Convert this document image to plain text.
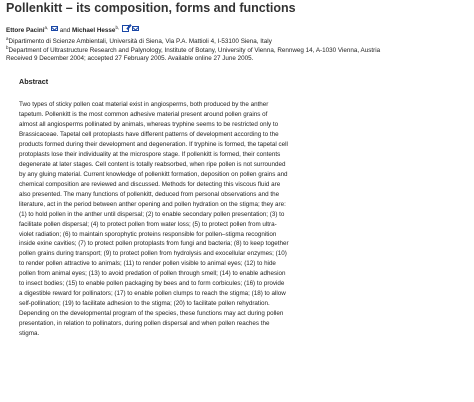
Pollenkitt – its composition, forms and functions
Ettore Pacini$^{a,}$  and Michael Hesse$^{b,}$
$^a$Dipartimento di Scienze Ambientali, Università di Siena, Via P.A. Mattioli 4, I-53100 Siena, Italy
$^b$Department of Ultrastructure Research and Palynology, Institute of Botany, University of Vienna, Rennweg 14, A-1030 Vienna, Austria
Received 9 December 2004; accepted 27 February 2005. Available online 27 June 2005.
Abstract
Two types of sticky pollen coat material exist in angiosperms, both produced by the anther
tapetum. Pollenkitt is the most common adhesive material present around pollen grains of
almost all angiosperms pollinated by animals, whereas tryphine seems to be restricted only to
Brassicaceae. Tapetal cell protoplasts have different patterns of development according to the
products formed during their development and degeneration. If tryphine is formed, the tapetal cell
protoplasts lose their individuality at the microspore stage. If pollenkitt is formed, their contents
degenerate at later stages. Cell content is totally reabsorbed, when ripe pollen is not surrounded
by any gluing material. Current knowledge of pollenkitt formation, deposition on pollen grains and
chemical composition are reviewed and discussed. Methods for detecting this viscous fluid are
also presented. The many functions of pollenkitt, deduced from personal observations and the
literature, act in the period between anther opening and pollen hydration on the stigma; they are:
(1) to hold pollen in the anther until dispersal; (2) to enable secondary pollen presentation; (3) to
facilitate pollen dispersal; (4) to protect pollen from water loss; (5) to protect pollen from ultra-
violet radiation; (6) to maintain sporophytic proteins responsible for pollen–stigma recognition
inside exine cavities; (7) to protect pollen protoplasts from fungi and bacteria; (8) to keep together
pollen grains during transport; (9) to protect pollen from hydrolysis and exocellular enzymes; (10)
to render pollen attractive to animals; (11) to render pollen visible to animal eyes; (12) to hide
pollen from animal eyes; (13) to avoid predation of pollen through smell; (14) to enable adhesion
to insect bodies; (15) to enable pollen packaging by bees and to form corbicules; (16) to provide
a digestible reward for pollinators; (17) to enable pollen clumps to reach the stigma; (18) to allow
self-pollination; (19) to facilitate adhesion to the stigma; (20) to facilitate pollen rehydration.
Depending on the developmental program of the species, these functions may act during pollen
presentation, in relation to pollinators, during pollen dispersal and when pollen reaches the
stigma.
